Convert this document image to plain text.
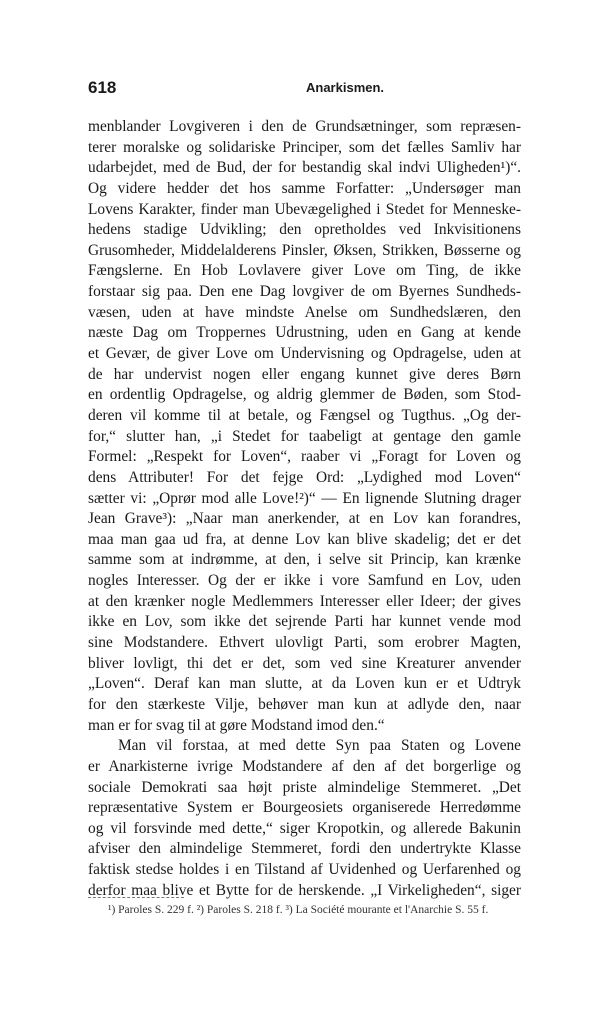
618	Anarkismen.
menblander Lovgiveren i den de Grundsætninger, som repræsen-
terer moralske og solidariske Principer, som det fælles Samliv har
udarbejdet, med de Bud, der for bestandig skal indvi Uligheden¹)“.
Og videre hedder det hos samme Forfatter: „Undersøger man
Lovens Karakter, finder man Ubevægelighed i Stedet for Menneske-
hedens stadige Udvikling; den opretholdes ved Inkvisitionens
Grusomheder, Middelalderens Pinsler, Øksen, Strikken, Bøsserne og
Fængslerne. En Hob Lovlavere giver Love om Ting, de ikke
forstaar sig paa. Den ene Dag lovgiver de om Byernes Sundheds-
væsen, uden at have mindste Anelse om Sundhedslæren, den
næste Dag om Troppernes Udrustning, uden en Gang at kende
et Gevær, de giver Love om Undervisning og Opdragelse, uden at
de har undervist nogen eller engang kunnet give deres Børn
en ordentlig Opdragelse, og aldrig glemmer de Bøden, som Stod-
deren vil komme til at betale, og Fængsel og Tugthus. „Og der-
for,“ slutter han, „i Stedet for taabeligt at gentage den gamle
Formel: „Respekt for Loven“, raaber vi „Foragt for Loven og
dens Attributer! For det fejge Ord: „Lydighed mod Loven“
sætter vi: „Oprør mod alle Love!²)“ — En lignende Slutning drager
Jean Grave³): „Naar man anerkender, at en Lov kan forandres,
maa man gaa ud fra, at denne Lov kan blive skadelig; det er det
samme som at indrømme, at den, i selve sit Princip, kan krænke
nogles Interesser. Og der er ikke i vore Samfund en Lov, uden
at den krænker nogle Medlemmers Interesser eller Ideer; der gives
ikke en Lov, som ikke det sejrende Parti har kunnet vende mod
sine Modstandere. Ethvert ulovligt Parti, som erobrer Magten,
bliver lovligt, thi det er det, som ved sine Kreaturer anvender
„Loven“. Deraf kan man slutte, at da Loven kun er et Udtryk
for den stærkeste Vilje, behøver man kun at adlyde den, naar
man er for svag til at gøre Modstand imod den.“
Man vil forstaa, at med dette Syn paa Staten og Lovene
er Anarkisterne ivrige Modstandere af den af det borgerlige og
sociale Demokrati saa højt priste almindelige Stemmeret. „Det
repræsentative System er Bourgeosiets organiserede Herredømme
og vil forsvinde med dette,“ siger Kropotkin, og allerede Bakunin
afviser den almindelige Stemmeret, fordi den undertrykte Klasse
faktisk stedse holdes i en Tilstand af Uvidenhed og Uerfarenhed og
derfor maa blive et Bytte for de herskende. „I Virkeligheden“, siger
¹) Paroles S. 229 f. ²) Paroles S. 218 f. ³) La Société mourante et l'Anarchie S. 55 f.
